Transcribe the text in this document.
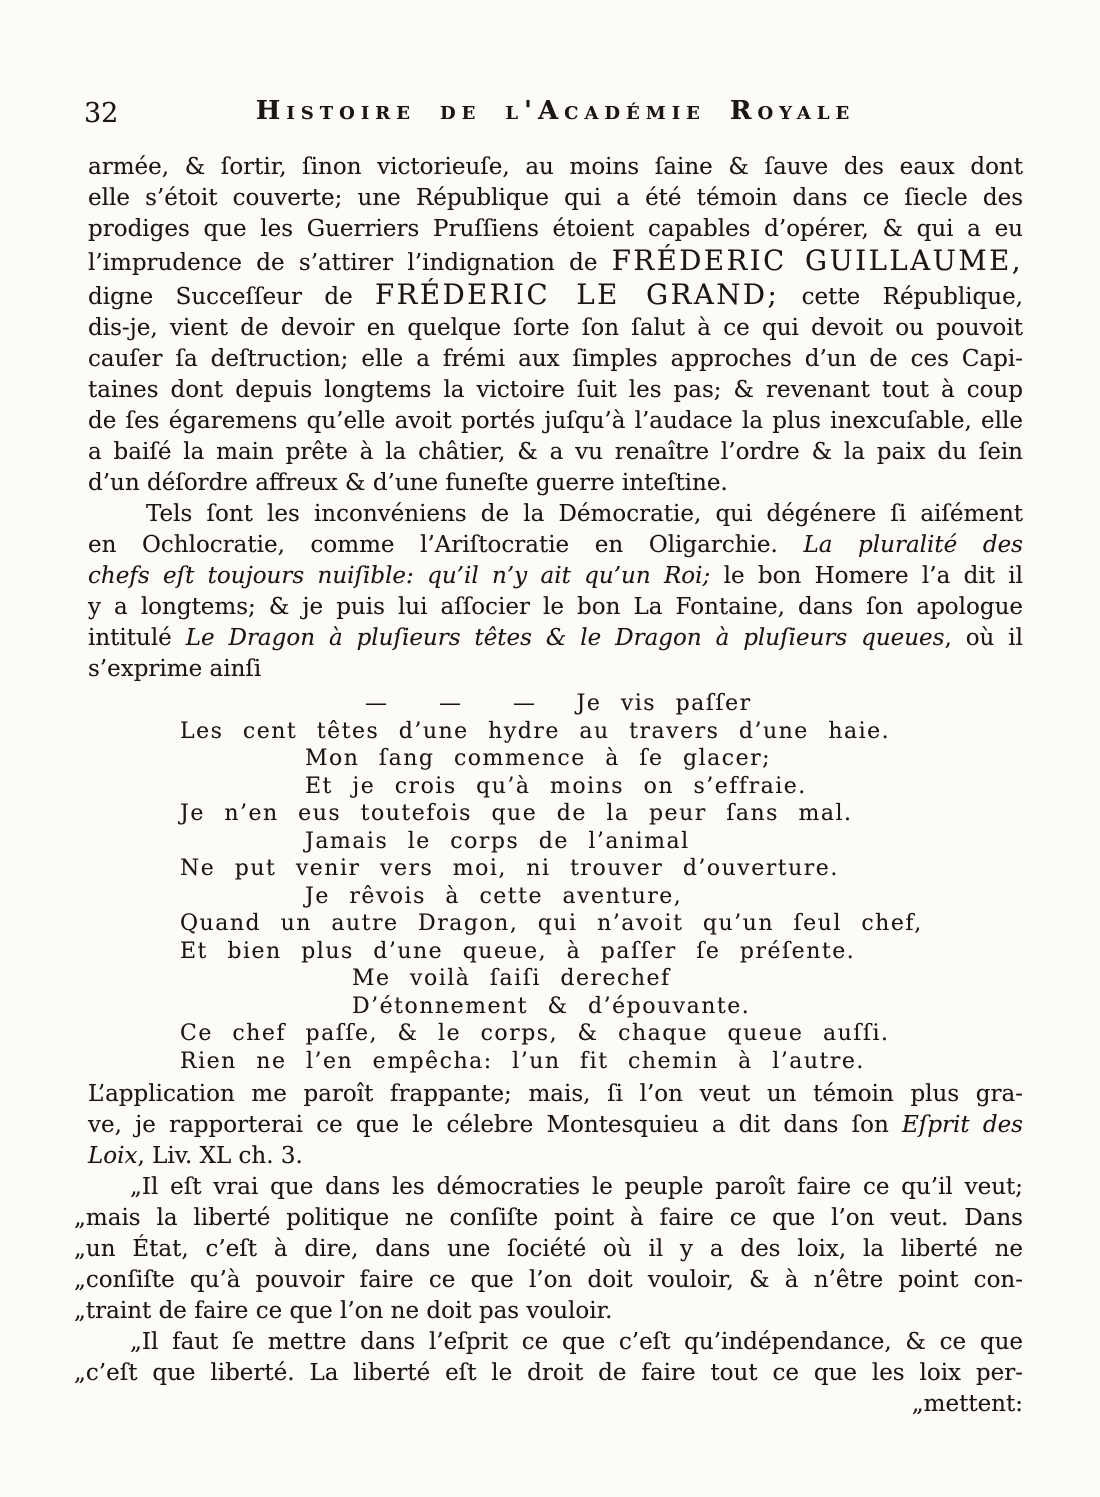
32	Histoire de l'Académie Royale
armée, & ſortir, ſinon victorieuſe, au moins ſaine & ſauve des eaux dont
elle s’étoit couverte; une République qui a été témoin dans ce ſiecle des
prodiges que les Guerriers Pruſſiens étoient capables d’opérer, & qui a eu
l’imprudence de s’attirer l’indignation de FRÉDERIC GUILLAUME,
digne Succeſſeur de FRÉDERIC LE GRAND; cette République,
dis-je, vient de devoir en quelque ſorte ſon ſalut à ce qui devoit ou pouvoit
cauſer ſa deſtruction; elle a frémi aux ſimples approches d’un de ces Capi-
taines dont depuis longtems la victoire ſuit les pas; & revenant tout à coup
de ſes égaremens qu’elle avoit portés juſqu’à l’audace la plus inexcuſable, elle
a baiſé la main prête à la châtier, & a vu renaître l’ordre & la paix du ſein
d’un déſordre affreux & d’une funeſte guerre inteſtine.
Tels ſont les inconvéniens de la Démocratie, qui dégénere ſi aiſément
en Ochlocratie, comme l’Ariſtocratie en Oligarchie. La pluralité des
chefs eſt toujours nuiſible: qu’il n’y ait qu’un Roi; le bon Homere l’a dit il
y a longtems; & je puis lui aſſocier le bon La Fontaine, dans ſon apologue
intitulé Le Dragon à pluſieurs têtes & le Dragon à pluſieurs queues, où il
s’exprime ainſi
— — — Je vis paſſer
Les cent têtes d’une hydre au travers d’une haie.
Mon ſang commence à ſe glacer;
Et je crois qu’à moins on s’effraie.
Je n’en eus toutefois que de la peur ſans mal.
Jamais le corps de l’animal
Ne put venir vers moi, ni trouver d’ouverture.
Je rêvois à cette aventure,
Quand un autre Dragon, qui n’avoit qu’un ſeul chef,
Et bien plus d’une queue, à paſſer ſe préſente.
Me voilà ſaiſi derechef
D’étonnement & d’épouvante.
Ce chef paſſe, & le corps, & chaque queue auſſi.
Rien ne l’en empêcha: l’un fit chemin à l’autre.
L’application me paroît frappante; mais, ſi l’on veut un témoin plus gra-
ve, je rapporterai ce que le célebre Montesquieu a dit dans ſon Eſprit des
Loix, Liv. XL ch. 3.
„Il eſt vrai que dans les démocraties le peuple paroît faire ce qu’il veut;
„mais la liberté politique ne conſiſte point à faire ce que l’on veut. Dans
„un État, c’eſt à dire, dans une ſociété où il y a des loix, la liberté ne
„conſiſte qu’à pouvoir faire ce que l’on doit vouloir, & à n’être point con-
„traint de faire ce que l’on ne doit pas vouloir.
„Il faut ſe mettre dans l’eſprit ce que c’eſt qu’indépendance, & ce que
„c’eſt que liberté. La liberté eſt le droit de faire tout ce que les loix per-
„mettent:
